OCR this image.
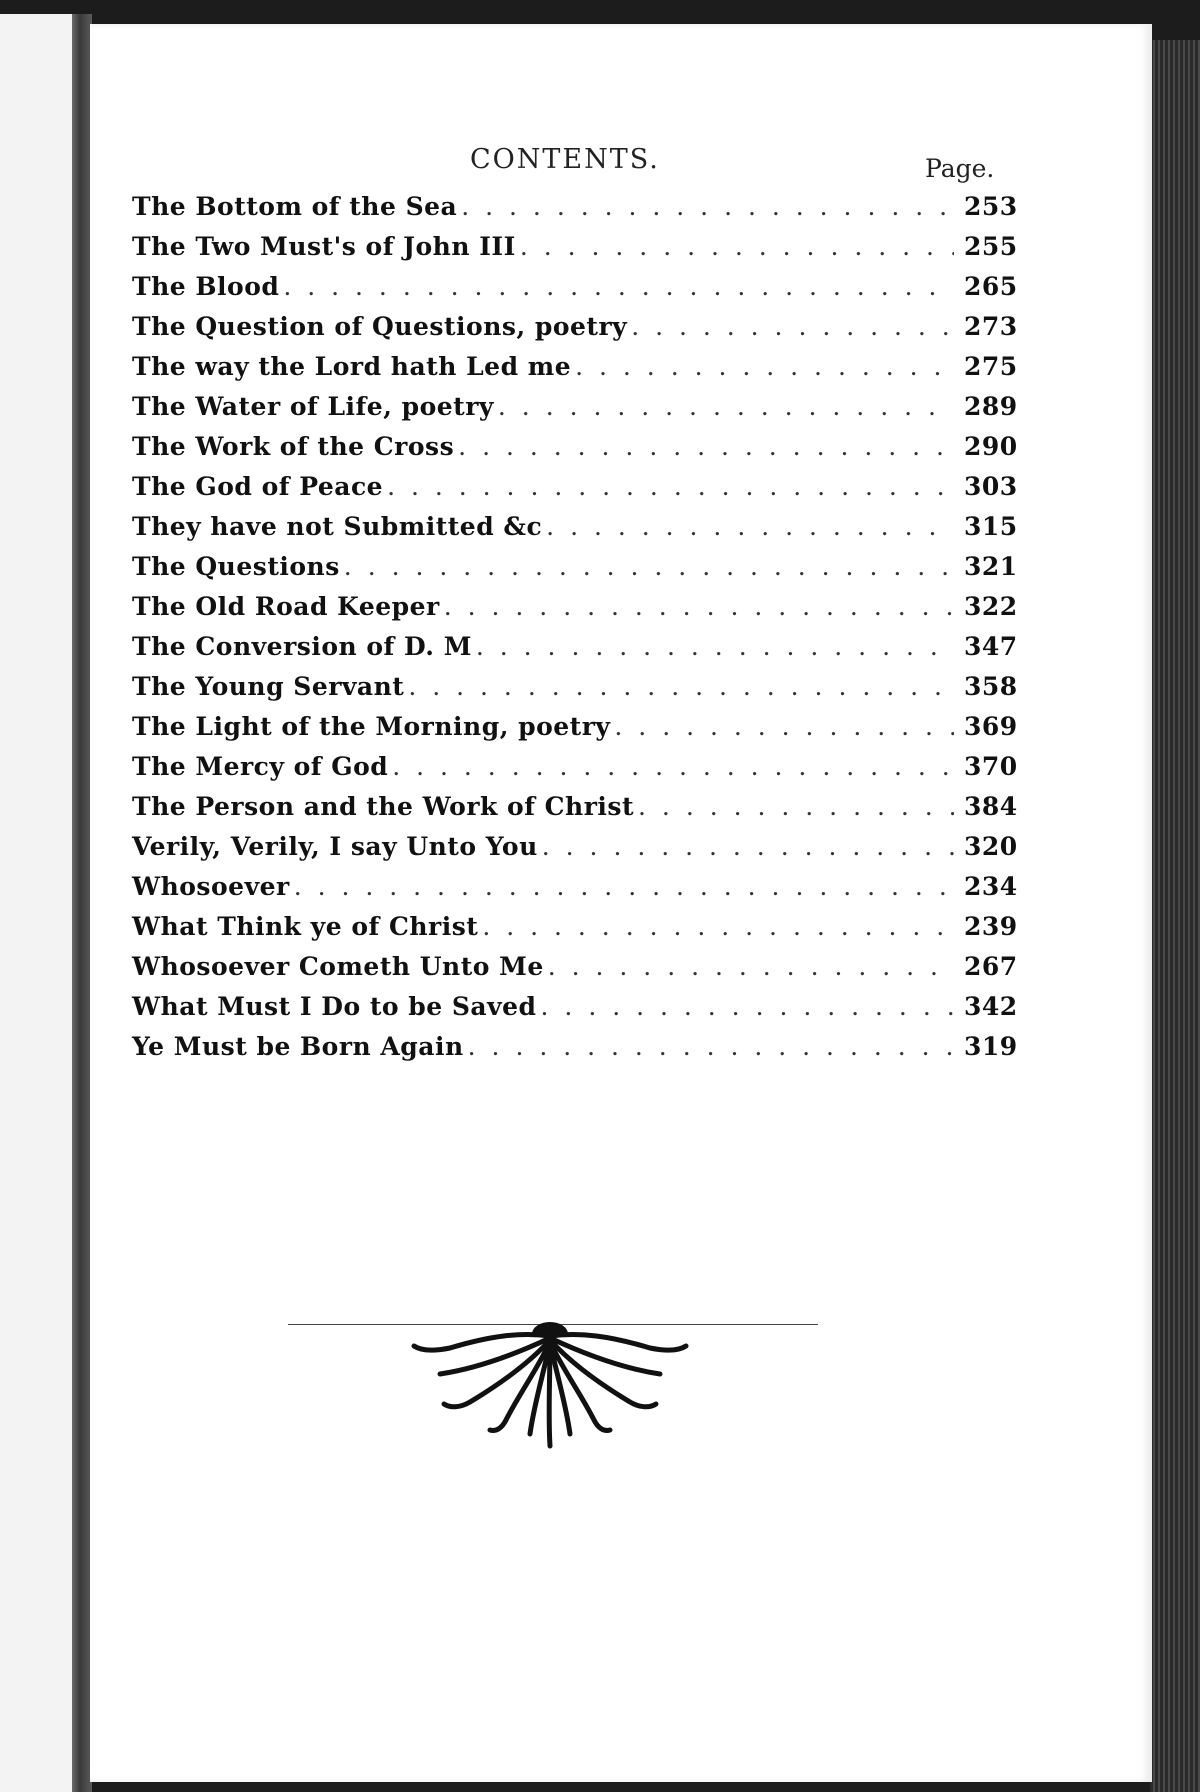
CONTENTS.	Page.
The Bottom of the Sea . . .	253
The Two Must's of John III . . .	255
The Blood . . .	265
The Question of Questions, poetry . . .	273
The way the Lord hath Led me . . .	275
The Water of Life, poetry . . .	289
The Work of the Cross . . .	290
The God of Peace . . .	303
They have not Submitted &c . . .	315
The Questions . . .	321
The Old Road Keeper . . .	322
The Conversion of D. M . . .	347
The Young Servant . . .	358
The Light of the Morning, poetry . . .	369
The Mercy of God . . .	370
The Person and the Work of Christ . . .	384
Verily, Verily, I say Unto You . . .	320
Whosoever . . .	234
What Think ye of Christ . . .	239
Whosoever Cometh Unto Me . . .	267
What Must I Do to be Saved . . .	342
Ye Must be Born Again . . .	319
